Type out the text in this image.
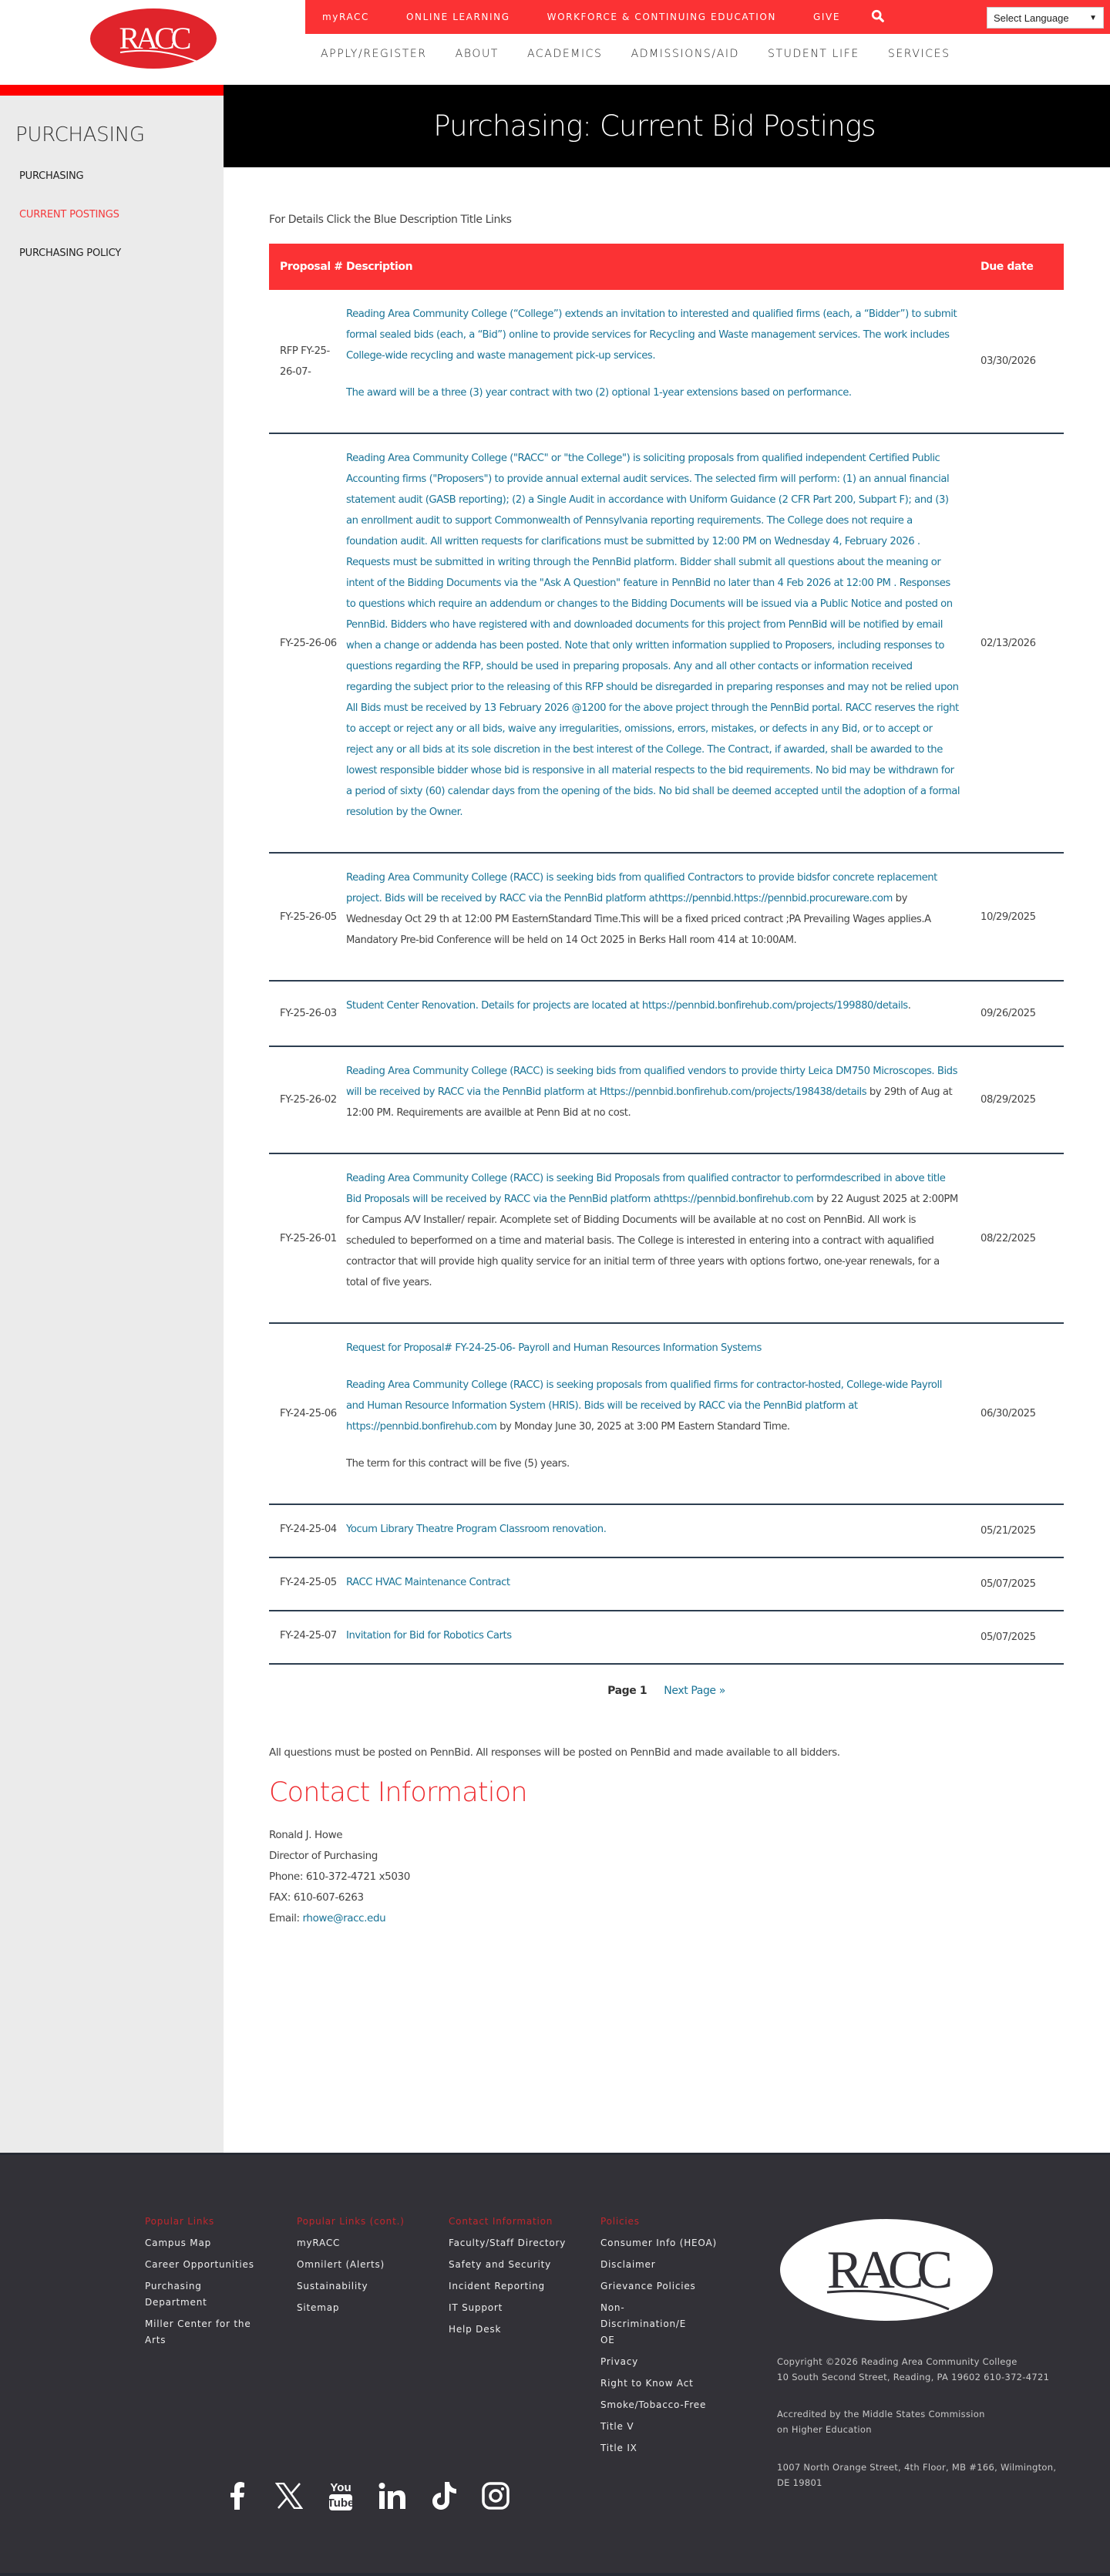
RACC
myRACC	ONLINE LEARNING	WORKFORCE & CONTINUING EDUCATION	GIVE	Select Language	▼
APPLY/REGISTER	ABOUT	ACADEMICS	ADMISSIONS/AID	STUDENT LIFE	SERVICES
PURCHASING
PURCHASING
CURRENT POSTINGS
PURCHASING POLICY
Purchasing: Current Bid Postings

For Details Click the Blue Description Title Links

Proposal #	Description	Due date
RFP FY-25-26-07-	Reading Area Community College (“College”) extends an invitation to interested and qualified firms (each, a “Bidder”) to submit formal sealed bids (each, a “Bid”) online to provide services for Recycling and Waste management services. The work includes College-wide recycling and waste management pick-up services.

The award will be a three (3) year contract with two (2) optional 1-year extensions based on performance.	03/30/2026
FY-25-26-06	Reading Area Community College ("RACC" or "the College") is soliciting proposals from qualified independent Certified Public Accounting firms ("Proposers") to provide annual external audit services. The selected firm will perform: (1) an annual financial statement audit (GASB reporting); (2) a Single Audit in accordance with Uniform Guidance (2 CFR Part 200, Subpart F); and (3) an enrollment audit to support Commonwealth of Pennsylvania reporting requirements. The College does not require a foundation audit. All written requests for clarifications must be submitted by 12:00 PM on Wednesday 4, February 2026 . Requests must be submitted in writing through the PennBid platform. Bidder shall submit all questions about the meaning or intent of the Bidding Documents via the "Ask A Question" feature in PennBid no later than 4 Feb 2026 at 12:00 PM . Responses to questions which require an addendum or changes to the Bidding Documents will be issued via a Public Notice and posted on PennBid. Bidders who have registered with and downloaded documents for this project from PennBid will be notified by email when a change or addenda has been posted. Note that only written information supplied to Proposers, including responses to questions regarding the RFP, should be used in preparing proposals. Any and all other contacts or information received regarding the subject prior to the releasing of this RFP should be disregarded in preparing responses and may not be relied upon All Bids must be received by 13 February 2026 @1200 for the above project through the PennBid portal. RACC reserves the right to accept or reject any or all bids, waive any irregularities, omissions, errors, mistakes, or defects in any Bid, or to accept or reject any or all bids at its sole discretion in the best interest of the College. The Contract, if awarded, shall be awarded to the lowest responsible bidder whose bid is responsive in all material respects to the bid requirements. No bid may be withdrawn for a period of sixty (60) calendar days from the opening of the bids. No bid shall be deemed accepted until the adoption of a formal resolution by the Owner.	02/13/2026
FY-25-26-05	Reading Area Community College (RACC) is seeking bids from qualified Contractors to provide bidsfor concrete replacement project. Bids will be received by RACC via the PennBid platform athttps://pennbid.https://pennbid.procureware.com by Wednesday Oct 29 th at 12:00 PM EasternStandard Time.This will be a fixed priced contract ;PA Prevailing Wages applies.A Mandatory Pre-bid Conference will be held on 14 Oct 2025 in Berks Hall room 414 at 10:00AM.	10/29/2025
FY-25-26-03	Student Center Renovation. Details for projects are located at https://pennbid.bonfirehub.com/projects/199880/details.	09/26/2025
FY-25-26-02	Reading Area Community College (RACC) is seeking bids from qualified vendors to provide thirty Leica DM750 Microscopes. Bids will be received by RACC via the PennBid platform at Https://pennbid.bonfirehub.com/projects/198438/details by 29th of Aug at 12:00 PM. Requirements are availble at Penn Bid at no cost.	08/29/2025
FY-25-26-01	Reading Area Community College (RACC) is seeking Bid Proposals from qualified contractor to performdescribed in above title Bid Proposals will be received by RACC via the PennBid platform athttps://pennbid.bonfirehub.com by 22 August 2025 at 2:00PM for Campus A/V Installer/ repair. Acomplete set of Bidding Documents will be available at no cost on PennBid. All work is scheduled to beperformed on a time and material basis. The College is interested in entering into a contract with aqualified contractor that will provide high quality service for an initial term of three years with options fortwo, one-year renewals, for a total of five years.	08/22/2025
FY-24-25-06	Request for Proposal# FY-24-25-06- Payroll and Human Resources Information Systems

Reading Area Community College (RACC) is seeking proposals from qualified firms for contractor-hosted, College-wide Payroll and Human Resource Information System (HRIS). Bids will be received by RACC via the PennBid platform at https://pennbid.bonfirehub.com by Monday June 30, 2025 at 3:00 PM Eastern Standard Time.

The term for this contract will be five (5) years.	06/30/2025
FY-24-25-04	Yocum Library Theatre Program Classroom renovation.	05/21/2025
FY-24-25-05	RACC HVAC Maintenance Contract	05/07/2025
FY-24-25-07	Invitation for Bid for Robotics Carts	05/07/2025
Page 1 Next Page »

All questions must be posted on PennBid. All responses will be posted on PennBid and made available to all bidders.

Contact Information
Ronald J. Howe
Director of Purchasing
Phone: 610-372-4721 x5030
FAX: 610-607-6263
Email: rhowe@racc.edu
Popular Links
Campus Map
Career Opportunities
Purchasing Department
Miller Center for the Arts
Popular Links (cont.)
myRACC
Omnilert (Alerts)
Sustainability
Sitemap
Contact Information
Faculty/Staff Directory
Safety and Security
Incident Reporting
IT Support
Help Desk
Policies
Consumer Info (HEOA)
Disclaimer
Grievance Policies
Non-Discrimination/EOE
Privacy
Right to Know Act
Smoke/Tobacco-Free
Title V
Title IX
RACC
Copyright ©2026 Reading Area Community College
10 South Second Street, Reading, PA 19602 610-372-4721
Accredited by the Middle States Commission
on Higher Education
1007 North Orange Street, 4th Floor, MB #166, Wilmington,
DE 19801
You
Tube
